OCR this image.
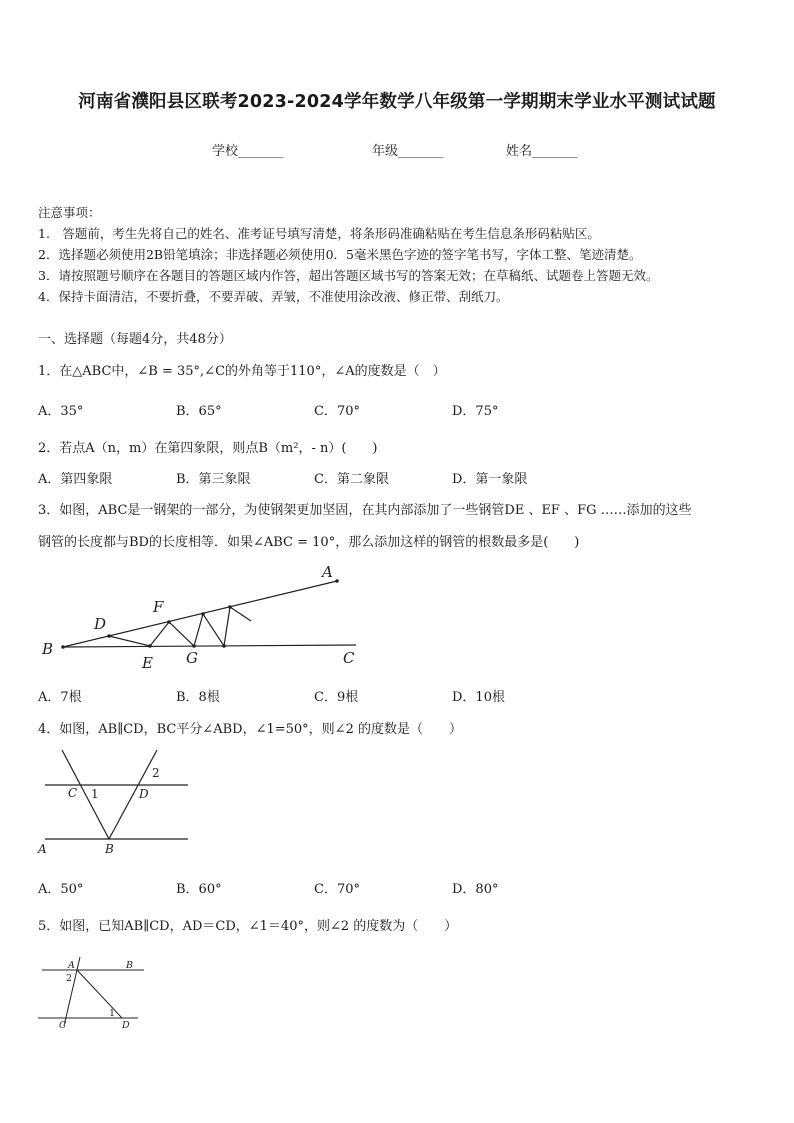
河南省濮阳县区联考2023-2024学年数学八年级第一学期期末学业水平测试试题
学校_______	年级_______	姓名_______
注意事项：
1.　答题前，考生先将自己的姓名、准考证号填写清楚，将条形码准确粘贴在考生信息条形码粘贴区。
2．选择题必须使用2B铅笔填涂；非选择题必须使用0．5毫米黑色字迹的签字笔书写，字体工整、笔迹清楚。
3．请按照题号顺序在各题目的答题区域内作答，超出答题区域书写的答案无效；在草稿纸、试题卷上答题无效。
4．保持卡面清洁，不要折叠，不要弄破、弄皱，不准使用涂改液、修正带、刮纸刀。
一、选择题（每题4分，共48分）
1．在△ABC中，∠B = 35°,∠C的外角等于110°，∠A的度数是（　）
A．35°	B．65°	C．70°	D．75°
2．若点A（n，m）在第四象限，则点B（m²，- n）(　　)
A．第四象限	B．第三象限	C．第二象限	D．第一象限
3．如图，ABC是一钢架的一部分，为使钢架更加坚固，在其内部添加了一些钢管DE 、EF 、FG ……添加的这些
钢管的长度都与BD的长度相等．如果∠ABC = 10°，那么添加这样的钢管的根数最多是(　　)
A
B	C
D
E
F
G
A．7根	B．8根	C．9根	D．10根
4．如图，AB∥CD，BC平分∠ABD，∠1=50°，则∠2 的度数是（　　）
C 1	D
2
A	B
A．50°	B．60°	C．70°	D．80°
5．如图，已知AB∥CD，AD＝CD，∠1＝40°，则∠2 的度数为（　　）
A	B
2
1
C	D
